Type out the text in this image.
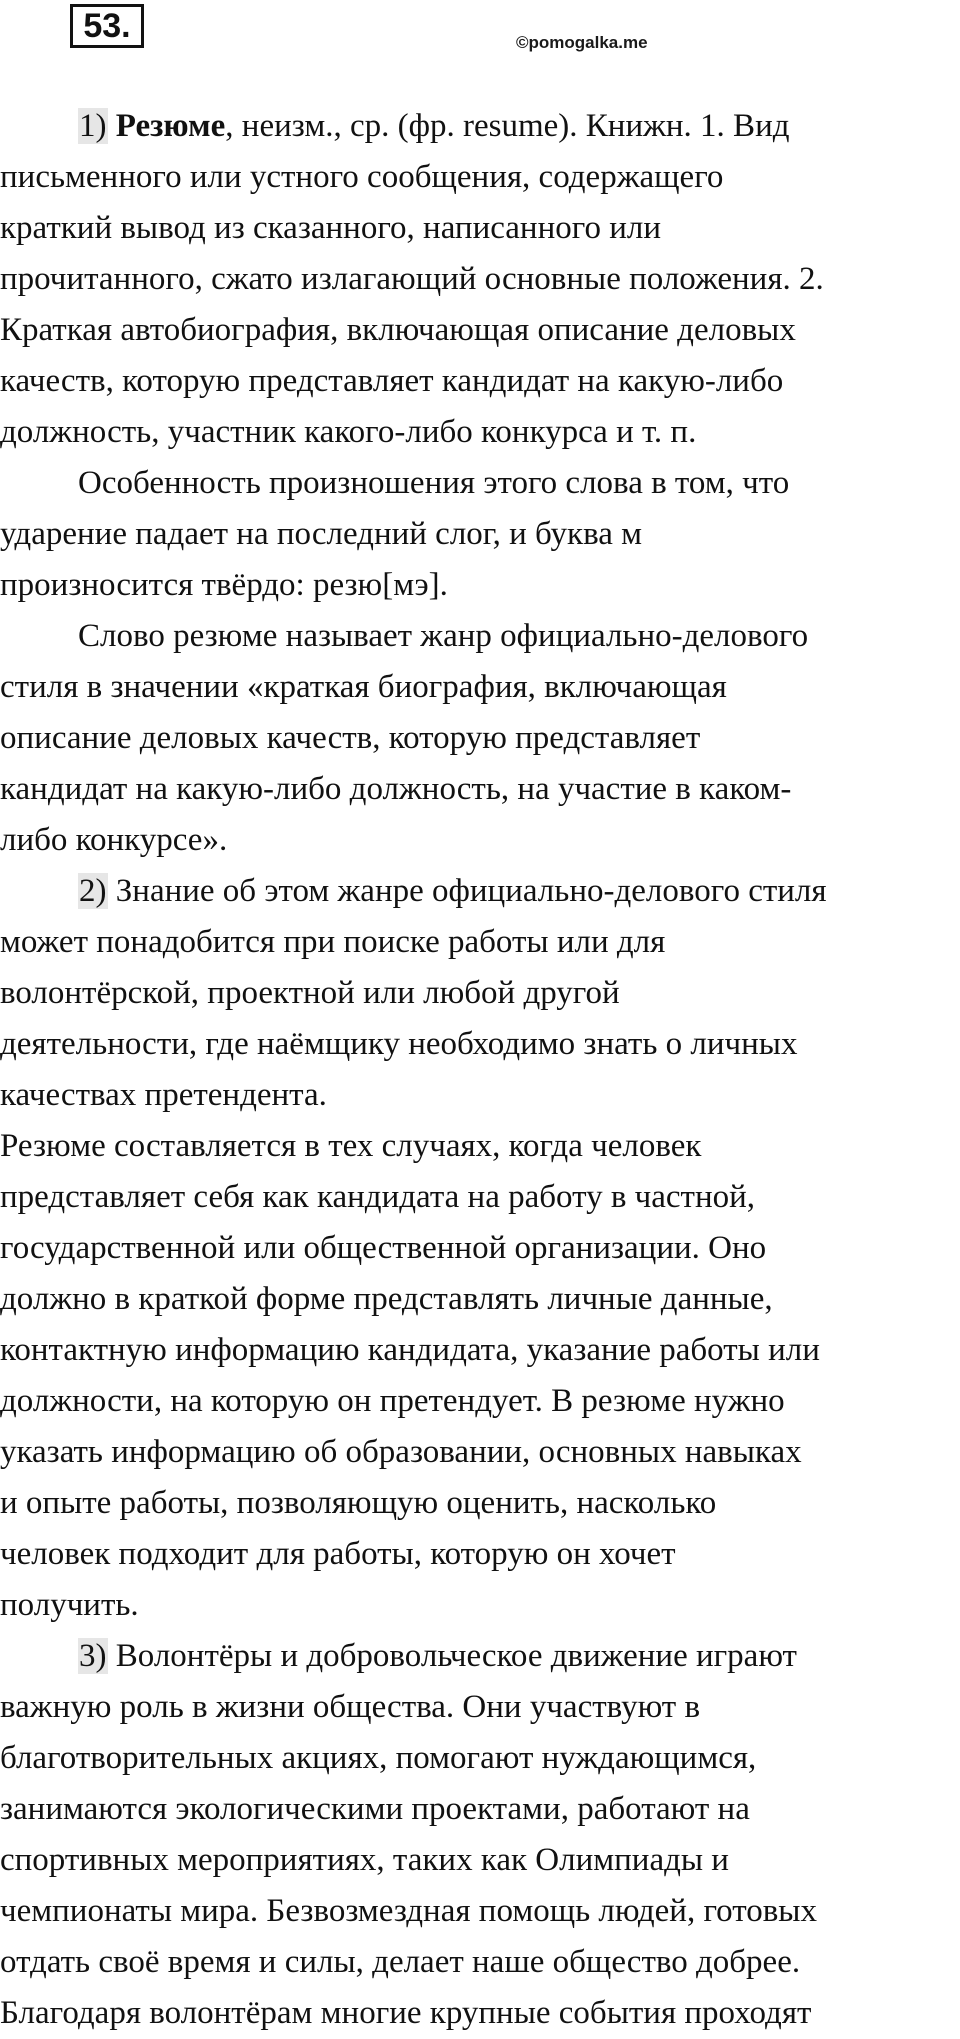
53.	©pomogalka.me
1) Резюме, неизм., ср. (фр. resume). Книжн. 1. Вид
письменного или устного сообщения, содержащего
краткий вывод из сказанного, написанного или
прочитанного, сжато излагающий основные положения. 2.
Краткая автобиография, включающая описание деловых
качеств, которую представляет кандидат на какую-либо
должность, участник какого-либо конкурса и т. п.
Особенность произношения этого слова в том, что
ударение падает на последний слог, и буква м
произносится твёрдо: резю[мэ].
Слово резюме называет жанр официально-делового
стиля в значении «краткая биография, включающая
описание деловых качеств, которую представляет
кандидат на какую-либо должность, на участие в каком-
либо конкурсе».
2) Знание об этом жанре официально-делового стиля
может понадобится при поиске работы или для
волонтёрской, проектной или любой другой
деятельности, где наёмщику необходимо знать о личных
качествах претендента.
Резюме составляется в тех случаях, когда человек
представляет себя как кандидата на работу в частной,
государственной или общественной организации. Оно
должно в краткой форме представлять личные данные,
контактную информацию кандидата, указание работы или
должности, на которую он претендует. В резюме нужно
указать информацию об образовании, основных навыках
и опыте работы, позволяющую оценить, насколько
человек подходит для работы, которую он хочет
получить.
3) Волонтёры и добровольческое движение играют
важную роль в жизни общества. Они участвуют в
благотворительных акциях, помогают нуждающимся,
занимаются экологическими проектами, работают на
спортивных мероприятиях, таких как Олимпиады и
чемпионаты мира. Безвозмездная помощь людей, готовых
отдать своё время и силы, делает наше общество добрее.
Благодаря волонтёрам многие крупные события проходят
